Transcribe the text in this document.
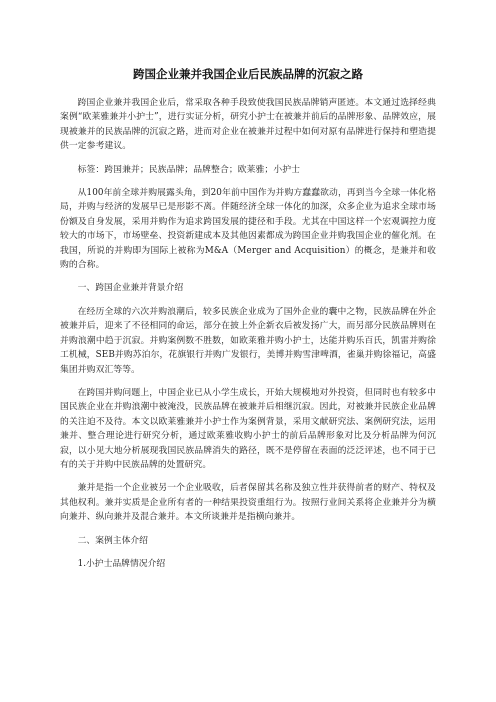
跨国企业兼并我国企业后民族品牌的沉寂之路

跨国企业兼并我国企业后，常采取各种手段致使我国民族品牌销声匿迹。本文通过选择经典案例“欧莱雅兼并小护士”，进行实证分析，研究小护士在被兼并前后的品牌形象、品牌效应，展现被兼并的民族品牌的沉寂之路，进而对企业在被兼并过程中如何对原有品牌进行保持和塑造提供一定参考建议。

标签：跨国兼并；民族品牌；品牌整合；欧莱雅；小护士

从100年前全球并购展露头角，到20年前中国作为并购方蠢蠢欲动，再到当今全球一体化格局，并购与经济的发展早已是形影不离。伴随经济全球一体化的加深，众多企业为追求全球市场份额及自身发展，采用并购作为追求跨国发展的捷径和手段。尤其在中国这样一个宏观调控力度较大的市场下，市场壁垒、投资新建成本及其他因素都成为跨国企业并购我国企业的催化剂。在我国，所说的并购即为国际上被称为M&A（Merger and Acquisition）的概念，是兼并和收购的合称。

一、跨国企业兼并背景介绍

在经历全球的六次并购浪潮后，较多民族企业成为了国外企业的囊中之物，民族品牌在外企被兼并后，迎来了不径相同的命运，部分在披上外企新衣后被发扬广大，而另部分民族品牌则在并购浪潮中趋于沉寂。并购案例数不胜数，如欧莱雅并购小护士，达能并购乐百氏，凯雷并购徐工机械，SEB并购苏泊尔，花旗银行并购广发银行，美博并购雪津啤酒，雀巢并购徐福记，高盛集团并购双汇等等。

在跨国并购问题上，中国企业已从小学生成长，开始大规模地对外投资，但同时也有较多中国民族企业在并购浪潮中被淹没，民族品牌在被兼并后相继沉寂。因此，对被兼并民族企业品牌的关注迫不及待。本文以欧莱雅兼并小护士作为案例背景，采用文献研究法、案例研究法，运用兼并、整合理论进行研究分析，通过欧莱雅收购小护士的前后品牌形象对比及分析品牌为何沉寂，以小见大地分析展现我国民族品牌消失的路径，既不是停留在表面的泛泛评述，也不同于已有的关于并购中民族品牌的处置研究。

兼并是指一个企业被另一个企业吸收，后者保留其名称及独立性并获得前者的财产、特权及其他权利。兼并实质是企业所有者的一种结果投资重组行为。按照行业间关系将企业兼并分为横向兼并、纵向兼并及混合兼并。本文所谈兼并是指横向兼并。

二、案例主体介绍

1.小护士品牌情况介绍
